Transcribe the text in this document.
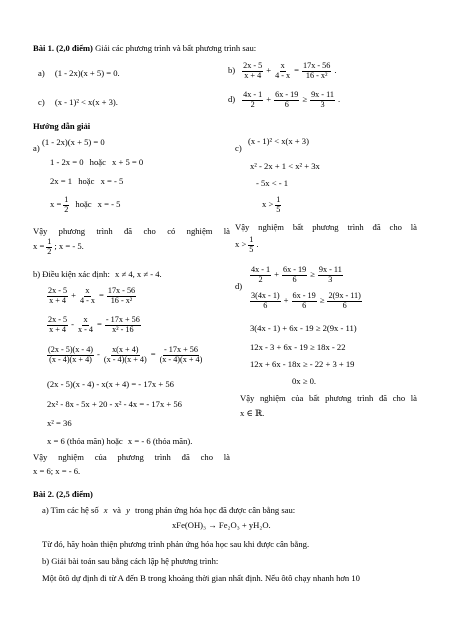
Bài 1. (2,0 điểm) Giải các phương trình và bất phương trình sau:
a) (1 - 2x)(x + 5) = 0.	$b) \frac{2x - 5}{x + 4} + \frac{x}{4 - x} = \frac{17x - 56}{\text{16 - x²}}$ .
c) (x - 1)² < x(x + 3).	$d) \frac{4x - 1}{2} + \frac{6x - 19}{6} \ge \frac{9x - 11}{3}$ .
Hướng dẫn giải
a)
(1 - 2x)(x + 5) = 0
1 - 2x = 0 hoặc x + 5 = 0
2x = 1 hoặc x = - 5
$x = \frac{1}{2}$ hoặc x = - 5
Vậy phương trình đã cho có nghiệm là
$x = \frac{1}{2}$ ; x = - 5.
c)
(x - 1)² < x(x + 3)
x² - 2x + 1 < x² + 3x
- 5x < - 1
$x > \frac{1}{5}$
Vậy nghiệm bất phương trình đã cho là
$x > \frac{1}{5}$ .
b) Điều kiện xác định: x ≠ 4, x ≠ - 4.
$\frac{2x - 5}{x + 4} + \frac{x}{4 - x} = \frac{17x - 56}{\text{16 - x²}}$
$\frac{2x - 5}{x + 4} - \frac{x}{x - 4} = \frac{- 17x + 56}{\text{x² - 16}}$
$\frac{(2x - 5)(x - 4)}{(x - 4)(x + 4)} - \frac{x(x + 4)}{(x - 4)(x + 4)} = \frac{- 17x + 56}{(x - 4)(x + 4)}$
(2x - 5)(x - 4) - x(x + 4) = - 17x + 56
2x² - 8x - 5x + 20 - x² - 4x = - 17x + 56
x² = 36
x = 6 (thỏa mãn) hoặc x = - 6 (thỏa mãn).
Vậy nghiệm của phương trình đã cho là
x = 6; x = - 6.
d)
$\frac{4x - 1}{2} + \frac{6x - 19}{6} \ge \frac{9x - 11}{3}$
$\frac{3(4x - 1)}{6} + \frac{6x - 19}{6} \ge \frac{2(9x - 11)}{6}$
3(4x - 1) + 6x - 19 ≥ 2(9x - 11)
12x - 3 + 6x - 19 ≥ 18x - 22
12x + 6x - 18x ≥ - 22 + 3 + 19
0x ≥ 0.
Vậy nghiệm của bất phương trình đã cho là
x ∈ ℝ.
Bài 2. (2,5 điểm)
a) Tìm các hệ số x và y trong phản ứng hóa học đã được cân bằng sau:
xFe(OH)₃ → Fe₂O₃ + yH₂O.
Từ đó, hãy hoàn thiện phương trình phản ứng hóa học sau khi được cân bằng.
b) Giải bài toán sau bằng cách lập hệ phương trình:
Một ôtô dự định đi từ A đến B trong khoảng thời gian nhất định. Nếu ôtô chạy nhanh hơn 10
